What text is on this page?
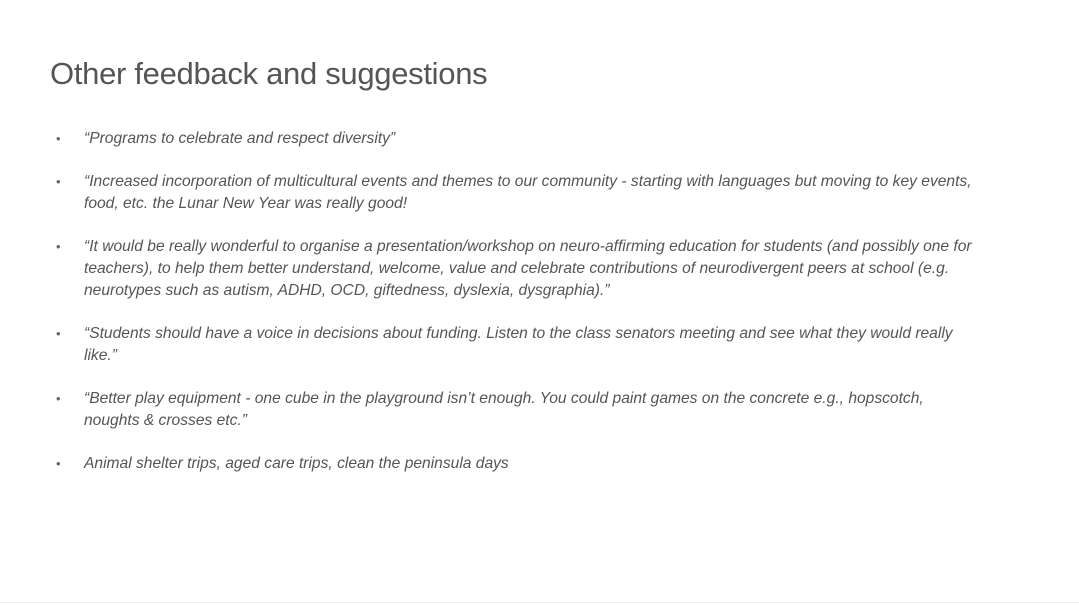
Other feedback and suggestions
• “Programs to celebrate and respect diversity”
• “Increased incorporation of multicultural events and themes to our community - starting with languages but moving to key events, food, etc. the Lunar New Year was really good!
• “It would be really wonderful to organise a presentation/workshop on neuro-affirming education for students (and possibly one for teachers), to help them better understand, welcome, value and celebrate contributions of neurodivergent peers at school (e.g. neurotypes such as autism, ADHD, OCD, giftedness, dyslexia, dysgraphia).”
• “Students should have a voice in decisions about funding. Listen to the class senators meeting and see what they would really like.”
• “Better play equipment - one cube in the playground isn’t enough. You could paint games on the concrete e.g., hopscotch, noughts & crosses etc.”
• Animal shelter trips, aged care trips, clean the peninsula days
